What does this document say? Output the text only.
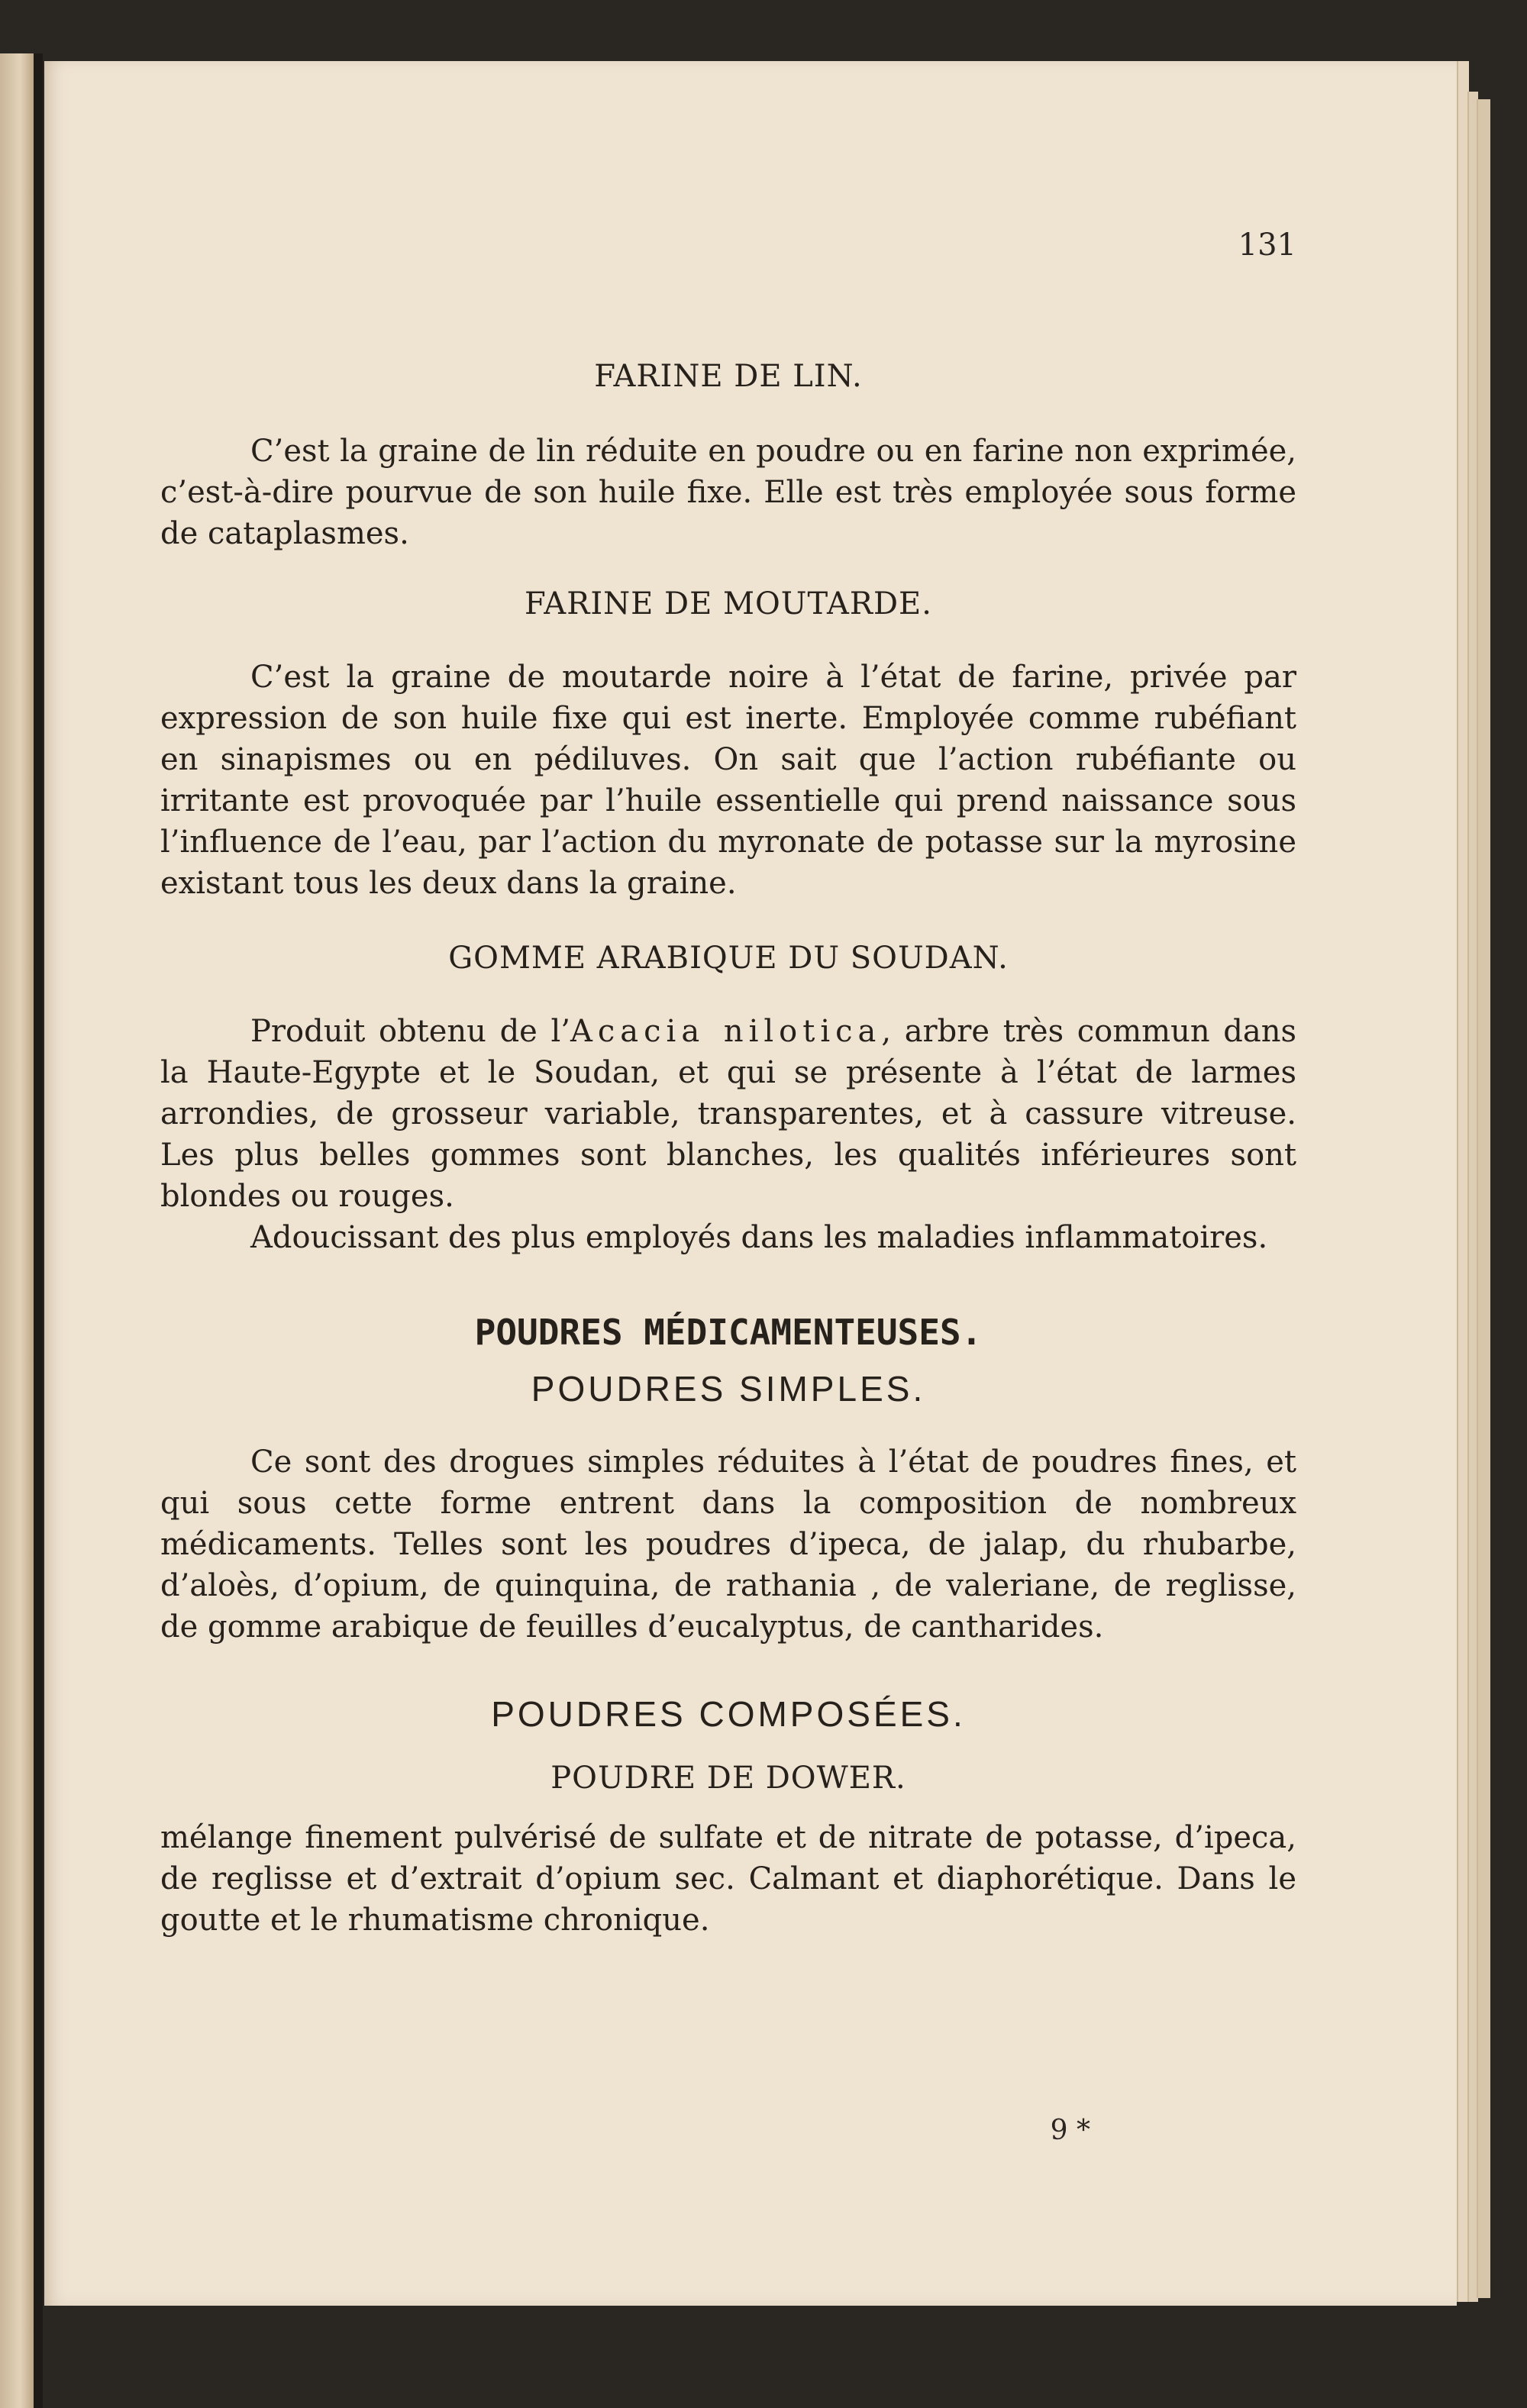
131

FARINE DE LIN.

C’est la graine de lin réduite en poudre ou en farine non exprimée, c’est-à-dire pourvue de son huile fixe. Elle est très employée sous forme de cataplasmes.

FARINE DE MOUTARDE.

C’est la graine de moutarde noire à l’état de farine, privée par expression de son huile fixe qui est inerte. Employée comme rubéfiant en sinapismes ou en pédiluves. On sait que l’action rubéfiante ou irritante est provoquée par l’huile essentielle qui prend naissance sous l’influence de l’eau, par l’action du myronate de potasse sur la myrosine existant tous les deux dans la graine.

GOMME ARABIQUE DU SOUDAN.

Produit obtenu de l’Acacia nilotica, arbre très commun dans la Haute-Egypte et le Soudan, et qui se présente à l’état de larmes arrondies, de grosseur variable, transparentes, et à cassure vitreuse. Les plus belles gommes sont blanches, les qualités inférieures sont blondes ou rouges.

Adoucissant des plus employés dans les maladies inflammatoires.

POUDRES MÉDICAMENTEUSES.
POUDRES SIMPLES.

Ce sont des drogues simples réduites à l’état de poudres fines, et qui sous cette forme entrent dans la composition de nombreux médicaments. Telles sont les poudres d’ipeca, de jalap, du rhubarbe, d’aloès, d’opium, de quinquina, de rathania , de valeriane, de reglisse, de gomme arabique de feuilles d’eucalyptus, de cantharides.

POUDRES COMPOSÉES.
POUDRE DE DOWER.

mélange finement pulvérisé de sulfate et de nitrate de potasse, d’ipeca, de reglisse et d’extrait d’opium sec. Calmant et diaphorétique. Dans le goutte et le rhumatisme chronique.

9 *
